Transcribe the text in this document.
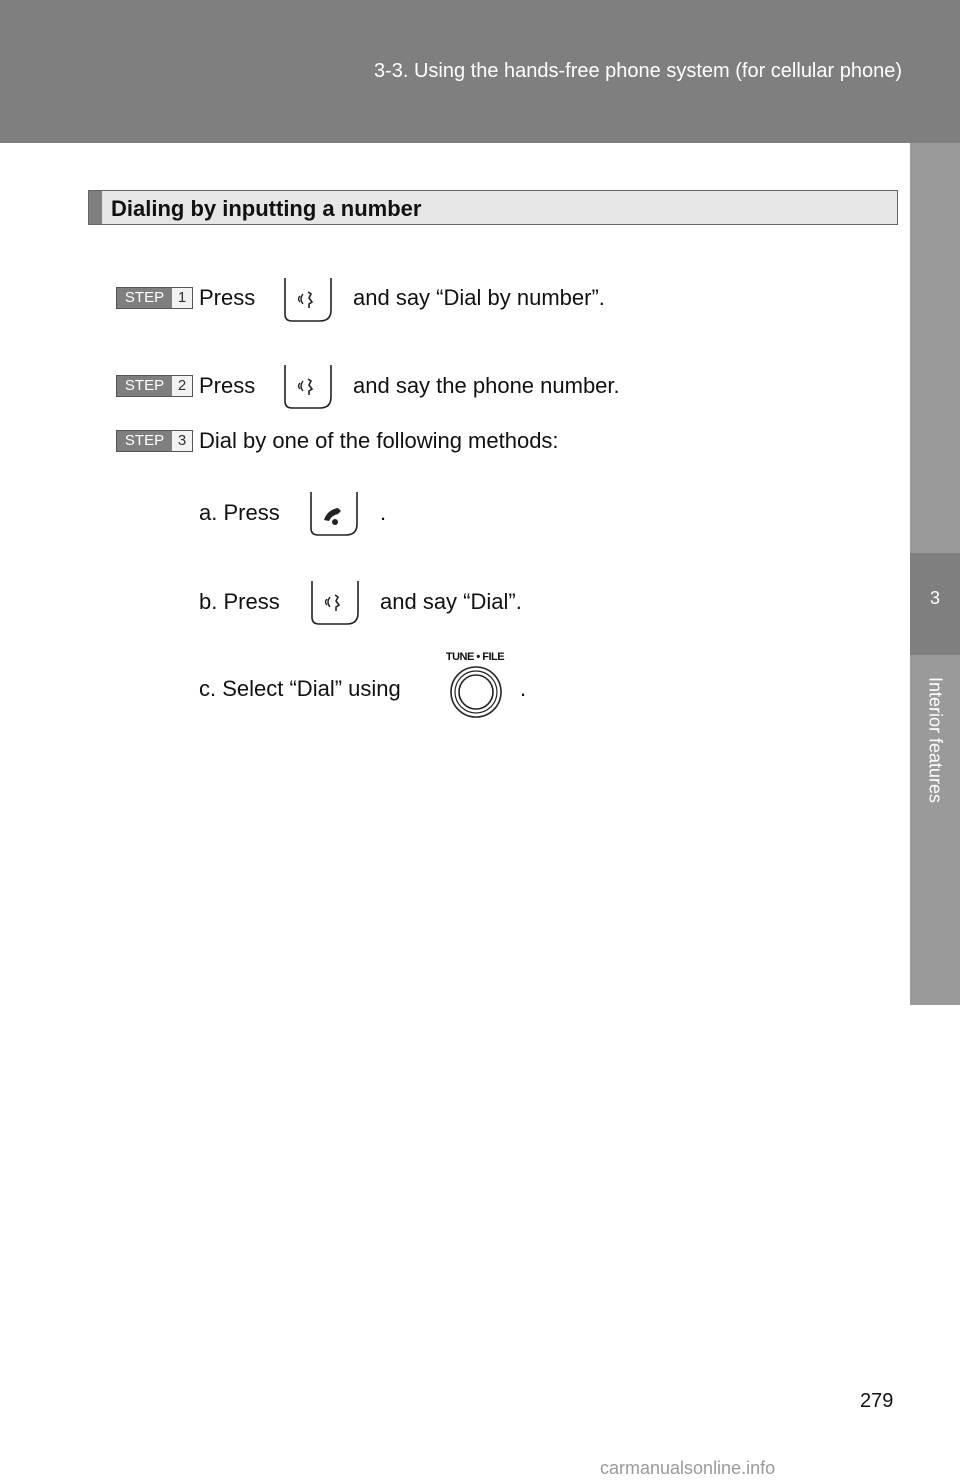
3-3. Using the hands-free phone system (for cellular phone)
3
Interior features
Dialing by inputting a number
STEP 1 Press	and say “Dial by number”.
STEP 2 Press	and say the phone number.
STEP 3 Dial by one of the following methods:
a. Press	.
b. Press	and say “Dial”.
c. Select “Dial” using
TUNE • FILE
.
279
carmanualsonline.info
